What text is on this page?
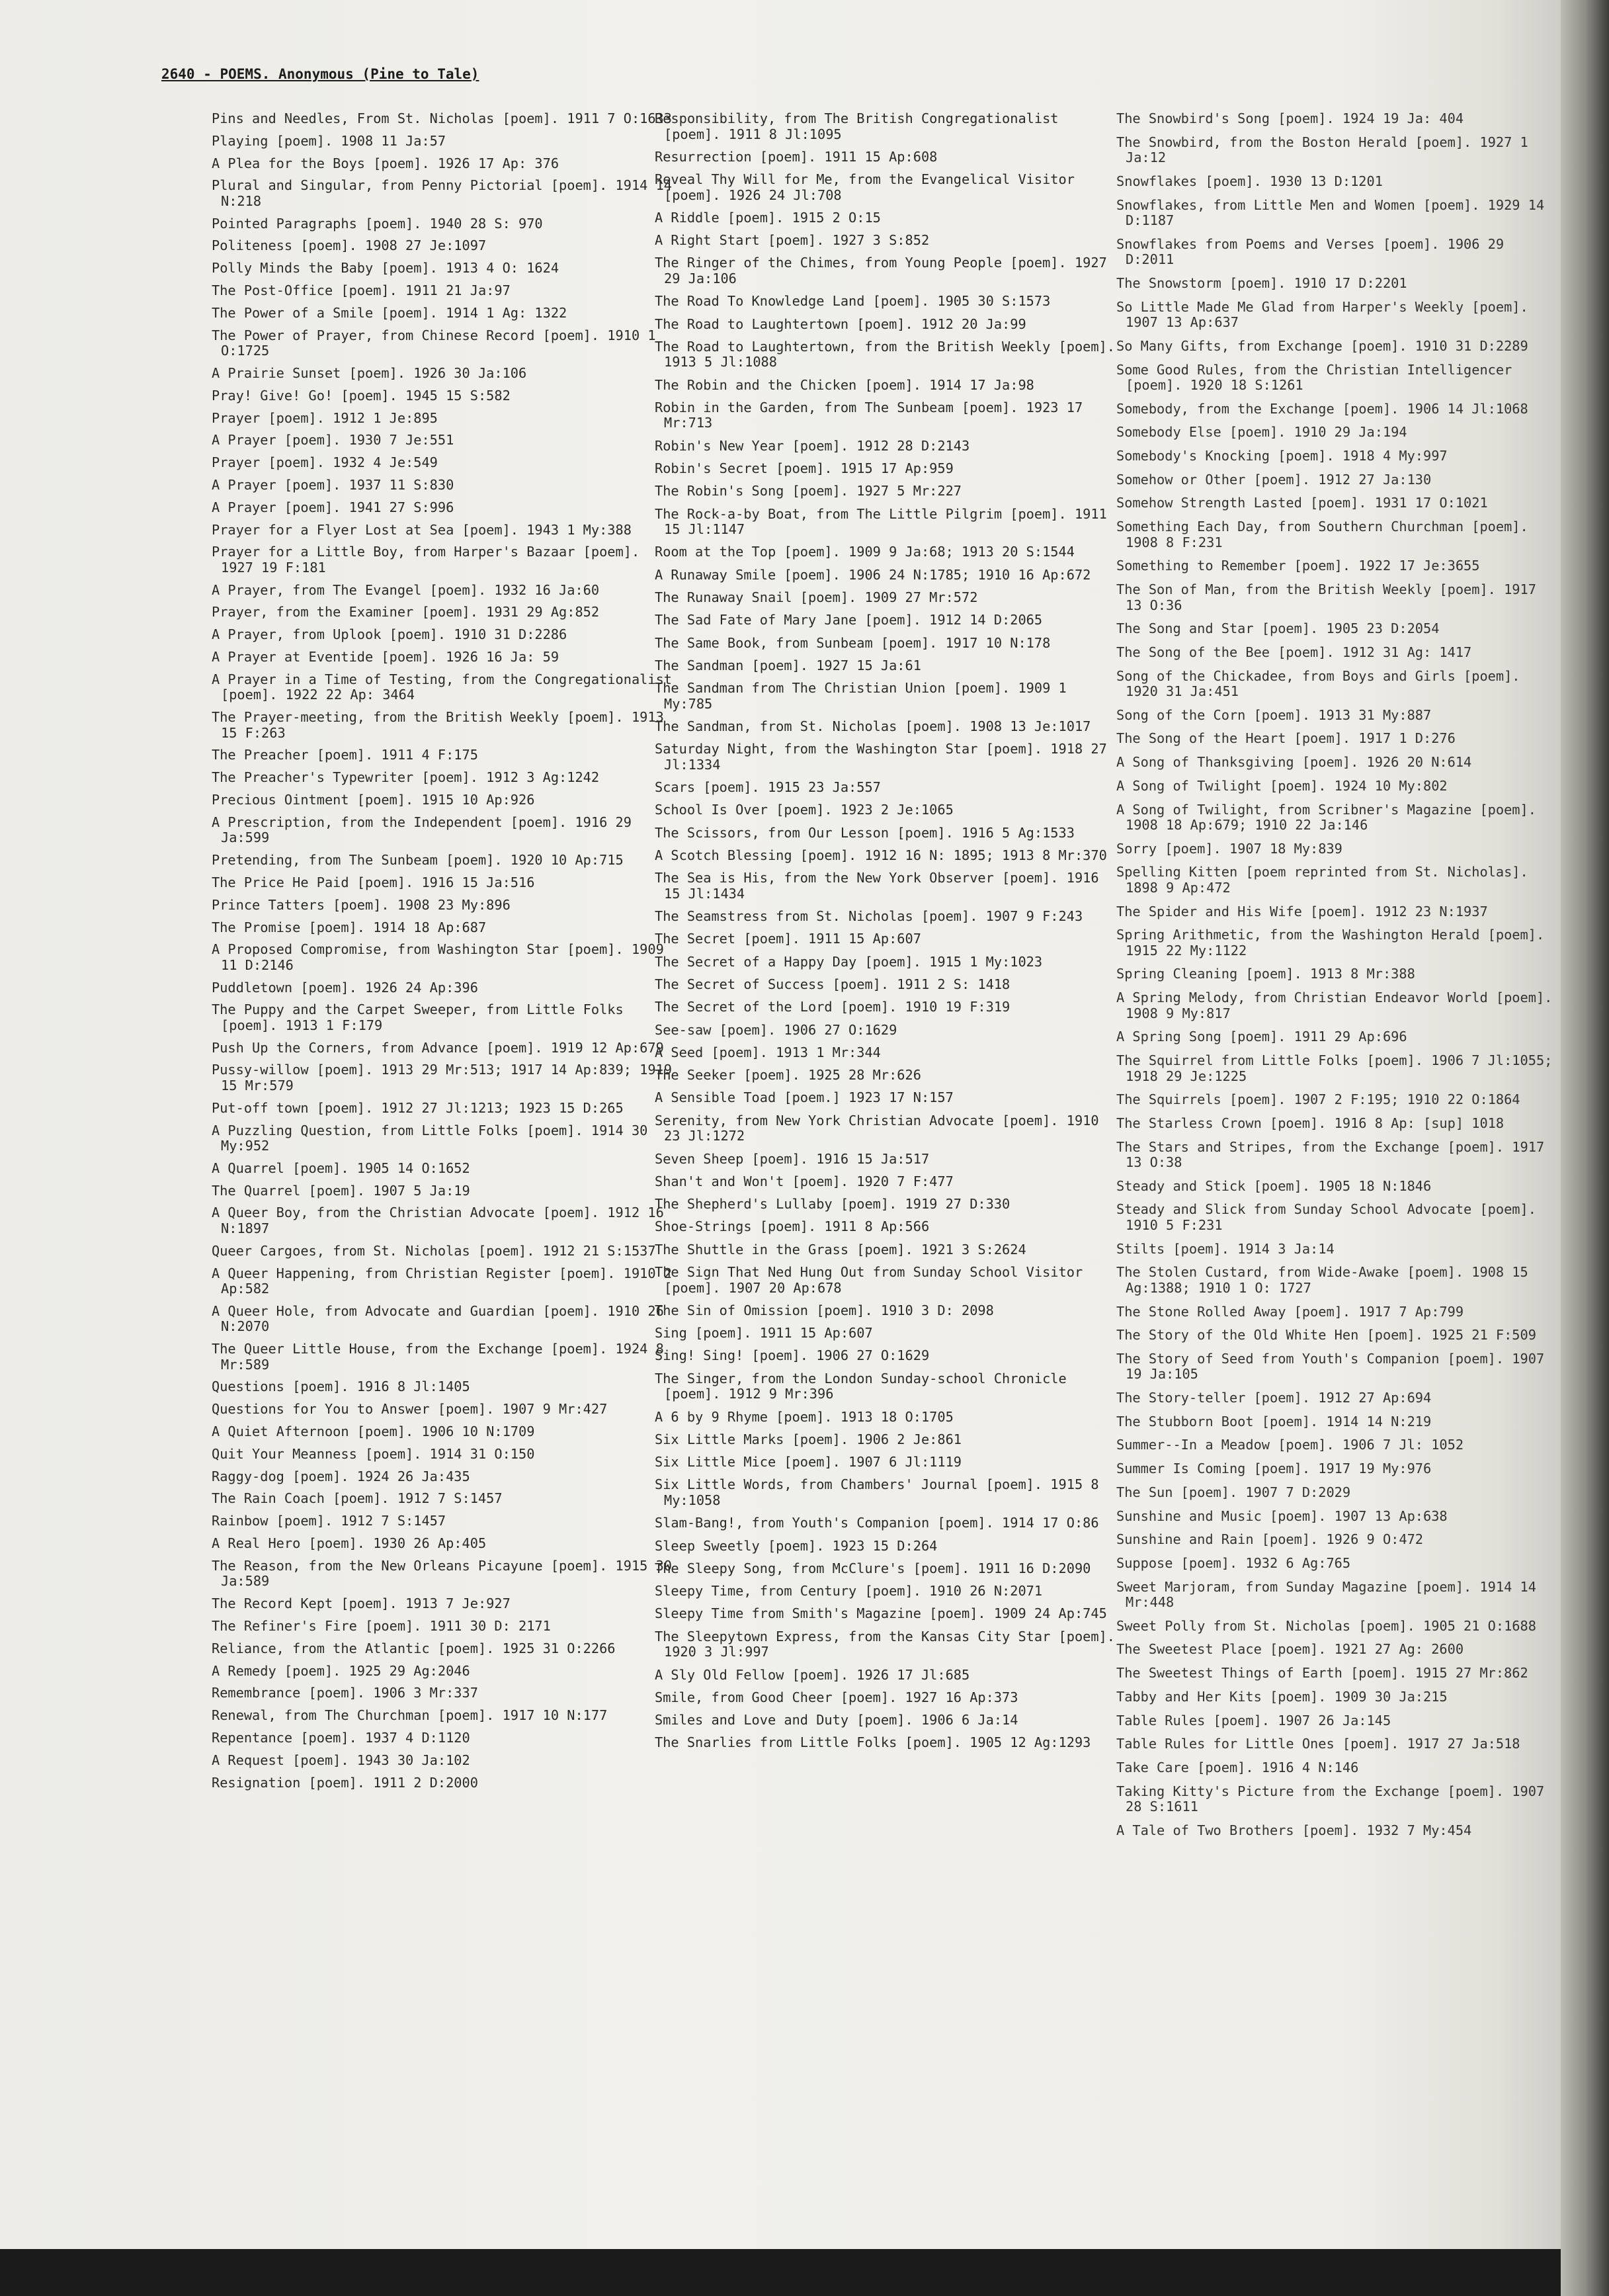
2640 - POEMS. Anonymous (Pine to Tale)
Pins and Needles, From St. Nicholas [poem]. 1911 7 O:1633
Playing [poem]. 1908 11 Ja:57
A Plea for the Boys [poem]. 1926 17 Ap: 376
Plural and Singular, from Penny Pictorial [poem]. 1914 14 N:218
Pointed Paragraphs [poem]. 1940 28 S: 970
Politeness [poem]. 1908 27 Je:1097
Polly Minds the Baby [poem]. 1913 4 O: 1624
The Post-Office [poem]. 1911 21 Ja:97
The Power of a Smile [poem]. 1914 1 Ag: 1322
The Power of Prayer, from Chinese Record [poem]. 1910 1 O:1725
A Prairie Sunset [poem]. 1926 30 Ja:106
Pray! Give! Go! [poem]. 1945 15 S:582
Prayer [poem]. 1912 1 Je:895
A Prayer [poem]. 1930 7 Je:551
Prayer [poem]. 1932 4 Je:549
A Prayer [poem]. 1937 11 S:830
A Prayer [poem]. 1941 27 S:996
Prayer for a Flyer Lost at Sea [poem]. 1943 1 My:388
Prayer for a Little Boy, from Harper's Bazaar [poem]. 1927 19 F:181
A Prayer, from The Evangel [poem]. 1932 16 Ja:60
Prayer, from the Examiner [poem]. 1931 29 Ag:852
A Prayer, from Uplook [poem]. 1910 31 D:2286
A Prayer at Eventide [poem]. 1926 16 Ja: 59
A Prayer in a Time of Testing, from the Congregationalist [poem]. 1922 22 Ap: 3464
The Prayer-meeting, from the British Weekly [poem]. 1913 15 F:263
The Preacher [poem]. 1911 4 F:175
The Preacher's Typewriter [poem]. 1912 3 Ag:1242
Precious Ointment [poem]. 1915 10 Ap:926
A Prescription, from the Independent [poem]. 1916 29 Ja:599
Pretending, from The Sunbeam [poem]. 1920 10 Ap:715
The Price He Paid [poem]. 1916 15 Ja:516
Prince Tatters [poem]. 1908 23 My:896
The Promise [poem]. 1914 18 Ap:687
A Proposed Compromise, from Washington Star [poem]. 1909 11 D:2146
Puddletown [poem]. 1926 24 Ap:396
The Puppy and the Carpet Sweeper, from Little Folks [poem]. 1913 1 F:179
Push Up the Corners, from Advance [poem]. 1919 12 Ap:679
Pussy-willow [poem]. 1913 29 Mr:513; 1917 14 Ap:839; 1919 15 Mr:579
Put-off town [poem]. 1912 27 Jl:1213; 1923 15 D:265
A Puzzling Question, from Little Folks [poem]. 1914 30 My:952
A Quarrel [poem]. 1905 14 O:1652
The Quarrel [poem]. 1907 5 Ja:19
A Queer Boy, from the Christian Advocate [poem]. 1912 16 N:1897
Queer Cargoes, from St. Nicholas [poem]. 1912 21 S:1537
A Queer Happening, from Christian Register [poem]. 1910 2 Ap:582
A Queer Hole, from Advocate and Guardian [poem]. 1910 26 N:2070
The Queer Little House, from the Exchange [poem]. 1924 8 Mr:589
Questions [poem]. 1916 8 Jl:1405
Questions for You to Answer [poem]. 1907 9 Mr:427
A Quiet Afternoon [poem]. 1906 10 N:1709
Quit Your Meanness [poem]. 1914 31 O:150
Raggy-dog [poem]. 1924 26 Ja:435
The Rain Coach [poem]. 1912 7 S:1457
Rainbow [poem]. 1912 7 S:1457
A Real Hero [poem]. 1930 26 Ap:405
The Reason, from the New Orleans Picayune [poem]. 1915 30 Ja:589
The Record Kept [poem]. 1913 7 Je:927
The Refiner's Fire [poem]. 1911 30 D: 2171
Reliance, from the Atlantic [poem]. 1925 31 O:2266
A Remedy [poem]. 1925 29 Ag:2046
Remembrance [poem]. 1906 3 Mr:337
Renewal, from The Churchman [poem]. 1917 10 N:177
Repentance [poem]. 1937 4 D:1120
A Request [poem]. 1943 30 Ja:102
Resignation [poem]. 1911 2 D:2000
Responsibility, from The British Congregationalist [poem]. 1911 8 Jl:1095
Resurrection [poem]. 1911 15 Ap:608
Reveal Thy Will for Me, from the Evangelical Visitor [poem]. 1926 24 Jl:708
A Riddle [poem]. 1915 2 O:15
A Right Start [poem]. 1927 3 S:852
The Ringer of the Chimes, from Young People [poem]. 1927 29 Ja:106
The Road To Knowledge Land [poem]. 1905 30 S:1573
The Road to Laughtertown [poem]. 1912 20 Ja:99
The Road to Laughtertown, from the British Weekly [poem]. 1913 5 Jl:1088
The Robin and the Chicken [poem]. 1914 17 Ja:98
Robin in the Garden, from The Sunbeam [poem]. 1923 17 Mr:713
Robin's New Year [poem]. 1912 28 D:2143
Robin's Secret [poem]. 1915 17 Ap:959
The Robin's Song [poem]. 1927 5 Mr:227
The Rock-a-by Boat, from The Little Pilgrim [poem]. 1911 15 Jl:1147
Room at the Top [poem]. 1909 9 Ja:68; 1913 20 S:1544
A Runaway Smile [poem]. 1906 24 N:1785; 1910 16 Ap:672
The Runaway Snail [poem]. 1909 27 Mr:572
The Sad Fate of Mary Jane [poem]. 1912 14 D:2065
The Same Book, from Sunbeam [poem]. 1917 10 N:178
The Sandman [poem]. 1927 15 Ja:61
The Sandman from The Christian Union [poem]. 1909 1 My:785
The Sandman, from St. Nicholas [poem]. 1908 13 Je:1017
Saturday Night, from the Washington Star [poem]. 1918 27 Jl:1334
Scars [poem]. 1915 23 Ja:557
School Is Over [poem]. 1923 2 Je:1065
The Scissors, from Our Lesson [poem]. 1916 5 Ag:1533
A Scotch Blessing [poem]. 1912 16 N: 1895; 1913 8 Mr:370
The Sea is His, from the New York Observer [poem]. 1916 15 Jl:1434
The Seamstress from St. Nicholas [poem]. 1907 9 F:243
The Secret [poem]. 1911 15 Ap:607
The Secret of a Happy Day [poem]. 1915 1 My:1023
The Secret of Success [poem]. 1911 2 S: 1418
The Secret of the Lord [poem]. 1910 19 F:319
See-saw [poem]. 1906 27 O:1629
A Seed [poem]. 1913 1 Mr:344
The Seeker [poem]. 1925 28 Mr:626
A Sensible Toad [poem.] 1923 17 N:157
Serenity, from New York Christian Advocate [poem]. 1910 23 Jl:1272
Seven Sheep [poem]. 1916 15 Ja:517
Shan't and Won't [poem]. 1920 7 F:477
The Shepherd's Lullaby [poem]. 1919 27 D:330
Shoe-Strings [poem]. 1911 8 Ap:566
The Shuttle in the Grass [poem]. 1921 3 S:2624
The Sign That Ned Hung Out from Sunday School Visitor [poem]. 1907 20 Ap:678
The Sin of Omission [poem]. 1910 3 D: 2098
Sing [poem]. 1911 15 Ap:607
Sing! Sing! [poem]. 1906 27 O:1629
The Singer, from the London Sunday-school Chronicle [poem]. 1912 9 Mr:396
A 6 by 9 Rhyme [poem]. 1913 18 O:1705
Six Little Marks [poem]. 1906 2 Je:861
Six Little Mice [poem]. 1907 6 Jl:1119
Six Little Words, from Chambers' Journal [poem]. 1915 8 My:1058
Slam-Bang!, from Youth's Companion [poem]. 1914 17 O:86
Sleep Sweetly [poem]. 1923 15 D:264
The Sleepy Song, from McClure's [poem]. 1911 16 D:2090
Sleepy Time, from Century [poem]. 1910 26 N:2071
Sleepy Time from Smith's Magazine [poem]. 1909 24 Ap:745
The Sleepytown Express, from the Kansas City Star [poem]. 1920 3 Jl:997
A Sly Old Fellow [poem]. 1926 17 Jl:685
Smile, from Good Cheer [poem]. 1927 16 Ap:373
Smiles and Love and Duty [poem]. 1906 6 Ja:14
The Snarlies from Little Folks [poem]. 1905 12 Ag:1293
The Snowbird's Song [poem]. 1924 19 Ja: 404
The Snowbird, from the Boston Herald [poem]. 1927 1 Ja:12
Snowflakes [poem]. 1930 13 D:1201
Snowflakes, from Little Men and Women [poem]. 1929 14 D:1187
Snowflakes from Poems and Verses [poem]. 1906 29 D:2011
The Snowstorm [poem]. 1910 17 D:2201
So Little Made Me Glad from Harper's Weekly [poem]. 1907 13 Ap:637
So Many Gifts, from Exchange [poem]. 1910 31 D:2289
Some Good Rules, from the Christian Intelligencer [poem]. 1920 18 S:1261
Somebody, from the Exchange [poem]. 1906 14 Jl:1068
Somebody Else [poem]. 1910 29 Ja:194
Somebody's Knocking [poem]. 1918 4 My:997
Somehow or Other [poem]. 1912 27 Ja:130
Somehow Strength Lasted [poem]. 1931 17 O:1021
Something Each Day, from Southern Churchman [poem]. 1908 8 F:231
Something to Remember [poem]. 1922 17 Je:3655
The Son of Man, from the British Weekly [poem]. 1917 13 O:36
The Song and Star [poem]. 1905 23 D:2054
The Song of the Bee [poem]. 1912 31 Ag: 1417
Song of the Chickadee, from Boys and Girls [poem]. 1920 31 Ja:451
Song of the Corn [poem]. 1913 31 My:887
The Song of the Heart [poem]. 1917 1 D:276
A Song of Thanksgiving [poem]. 1926 20 N:614
A Song of Twilight [poem]. 1924 10 My:802
A Song of Twilight, from Scribner's Magazine [poem]. 1908 18 Ap:679; 1910 22 Ja:146
Sorry [poem]. 1907 18 My:839
Spelling Kitten [poem reprinted from St. Nicholas]. 1898 9 Ap:472
The Spider and His Wife [poem]. 1912 23 N:1937
Spring Arithmetic, from the Washington Herald [poem]. 1915 22 My:1122
Spring Cleaning [poem]. 1913 8 Mr:388
A Spring Melody, from Christian Endeavor World [poem]. 1908 9 My:817
A Spring Song [poem]. 1911 29 Ap:696
The Squirrel from Little Folks [poem]. 1906 7 Jl:1055; 1918 29 Je:1225
The Squirrels [poem]. 1907 2 F:195; 1910 22 O:1864
The Starless Crown [poem]. 1916 8 Ap: [sup] 1018
The Stars and Stripes, from the Exchange [poem]. 1917 13 O:38
Steady and Stick [poem]. 1905 18 N:1846
Steady and Slick from Sunday School Advocate [poem]. 1910 5 F:231
Stilts [poem]. 1914 3 Ja:14
The Stolen Custard, from Wide-Awake [poem]. 1908 15 Ag:1388; 1910 1 O: 1727
The Stone Rolled Away [poem]. 1917 7 Ap:799
The Story of the Old White Hen [poem]. 1925 21 F:509
The Story of Seed from Youth's Companion [poem]. 1907 19 Ja:105
The Story-teller [poem]. 1912 27 Ap:694
The Stubborn Boot [poem]. 1914 14 N:219
Summer--In a Meadow [poem]. 1906 7 Jl: 1052
Summer Is Coming [poem]. 1917 19 My:976
The Sun [poem]. 1907 7 D:2029
Sunshine and Music [poem]. 1907 13 Ap:638
Sunshine and Rain [poem]. 1926 9 O:472
Suppose [poem]. 1932 6 Ag:765
Sweet Marjoram, from Sunday Magazine [poem]. 1914 14 Mr:448
Sweet Polly from St. Nicholas [poem]. 1905 21 O:1688
The Sweetest Place [poem]. 1921 27 Ag: 2600
The Sweetest Things of Earth [poem]. 1915 27 Mr:862
Tabby and Her Kits [poem]. 1909 30 Ja:215
Table Rules [poem]. 1907 26 Ja:145
Table Rules for Little Ones [poem]. 1917 27 Ja:518
Take Care [poem]. 1916 4 N:146
Taking Kitty's Picture from the Exchange [poem]. 1907 28 S:1611
A Tale of Two Brothers [poem]. 1932 7 My:454
